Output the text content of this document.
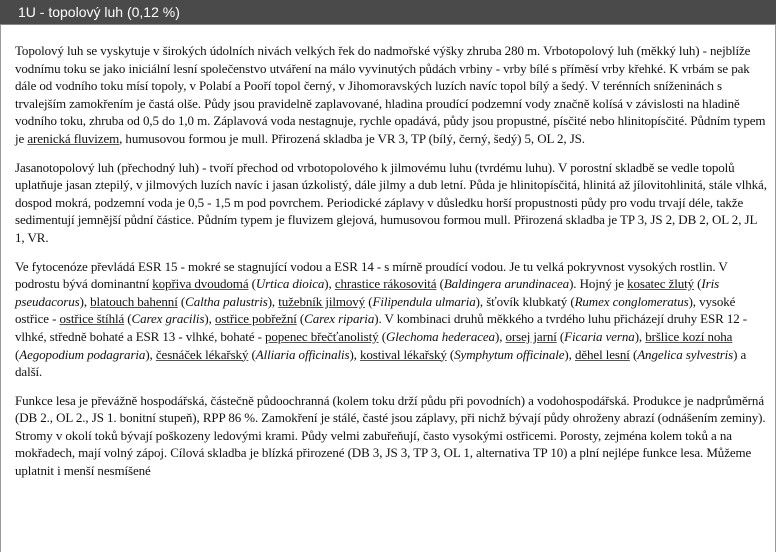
1U - topolový luh (0,12 %)

Topolový luh se vyskytuje v širokých údolních nivách velkých řek do nadmořské výšky zhruba 280 m. Vrbotopolový luh (měkký luh) - nejblíže vodnímu toku se jako iniciální lesní společenstvo utváření na málo vyvinutých půdách vrbiny - vrby bílé s příměsí vrby křehké. K vrbám se pak dále od vodního toku mísí topoly, v Polabí a Pooří topol černý, v Jihomoravských luzích navíc topol bílý a šedý. V terénních sníženinách s trvalejším zamokřením je častá olše. Půdy jsou pravidelně zaplavované, hladina proudící podzemní vody značně kolísá v závislosti na hladině vodního toku, zhruba od 0,5 do 1,0 m. Záplavová voda nestagnuje, rychle opadává, půdy jsou propustné, písčité nebo hlinitopísčité. Půdním typem je arenická fluvizem, humusovou formou je mull. Přirozená skladba je VR 3, TP (bílý, černý, šedý) 5, OL 2, JS.

Jasanotopolový luh (přechodný luh) - tvoří přechod od vrbotopolového k jilmovému luhu (tvrdému luhu). V porostní skladbě se vedle topolů uplatňuje jasan ztepilý, v jilmových luzích navíc i jasan úzkolistý, dále jilmy a dub letní. Půda je hlinitopísčitá, hlinitá až jílovitohlinitá, stále vlhká, dospod mokrá, podzemní voda je 0,5 - 1,5 m pod povrchem. Periodické záplavy v důsledku horší propustnosti půdy pro vodu trvají déle, takže sedimentují jemnější půdní částice. Půdním typem je fluvizem glejová, humusovou formou mull. Přirozená skladba je TP 3, JS 2, DB 2, OL 2, JL 1, VR.

Ve fytocenóze převládá ESR 15 - mokré se stagnující vodou a ESR 14 - s mírně proudící vodou. Je tu velká pokryvnost vysokých rostlin. V podrostu bývá dominantní kopřiva dvoudomá (Urtica dioica), chrastice rákosovitá (Baldingera arundinacea). Hojný je kosatec žlutý (Iris pseudacorus), blatouch bahenní (Caltha palustris), tužebník jilmový (Filipendula ulmaria), šťovík klubkatý (Rumex conglomeratus), vysoké ostřice - ostřice štíhlá (Carex gracilis), ostřice pobřežní (Carex riparia). V kombinaci druhů měkkého a tvrdého luhu přicházejí druhy ESR 12 - vlhké, středně bohaté a ESR 13 - vlhké, bohaté - popenec břečťanolistý (Glechoma hederacea), orsej jarní (Ficaria verna), bršlice kozí noha (Aegopodium podagraria), česnáček lékařský (Alliaria officinalis), kostival lékařský (Symphytum officinale), děhel lesní (Angelica sylvestris) a další.

Funkce lesa je převážně hospodářská, částečně půdoochranná (kolem toku drží půdu při povodních) a vodohospodářská. Produkce je nadprůměrná (DB 2., OL 2., JS 1. bonitní stupeň), RPP 86 %. Zamokření je stálé, časté jsou záplavy, při nichž bývají půdy ohroženy abrazí (odnášením zeminy). Stromy v okolí toků bývají poškozeny ledovými krami. Půdy velmi zabuřeňují, často vysokými ostřicemi. Porosty, zejména kolem toků a na mokřadech, mají volný zápoj. Cílová skladba je blízká přirozené (DB 3, JS 3, TP 3, OL 1, alternativa TP 10) a plní nejlépe funkce lesa. Můžeme uplatnit i menší nesmíšené
